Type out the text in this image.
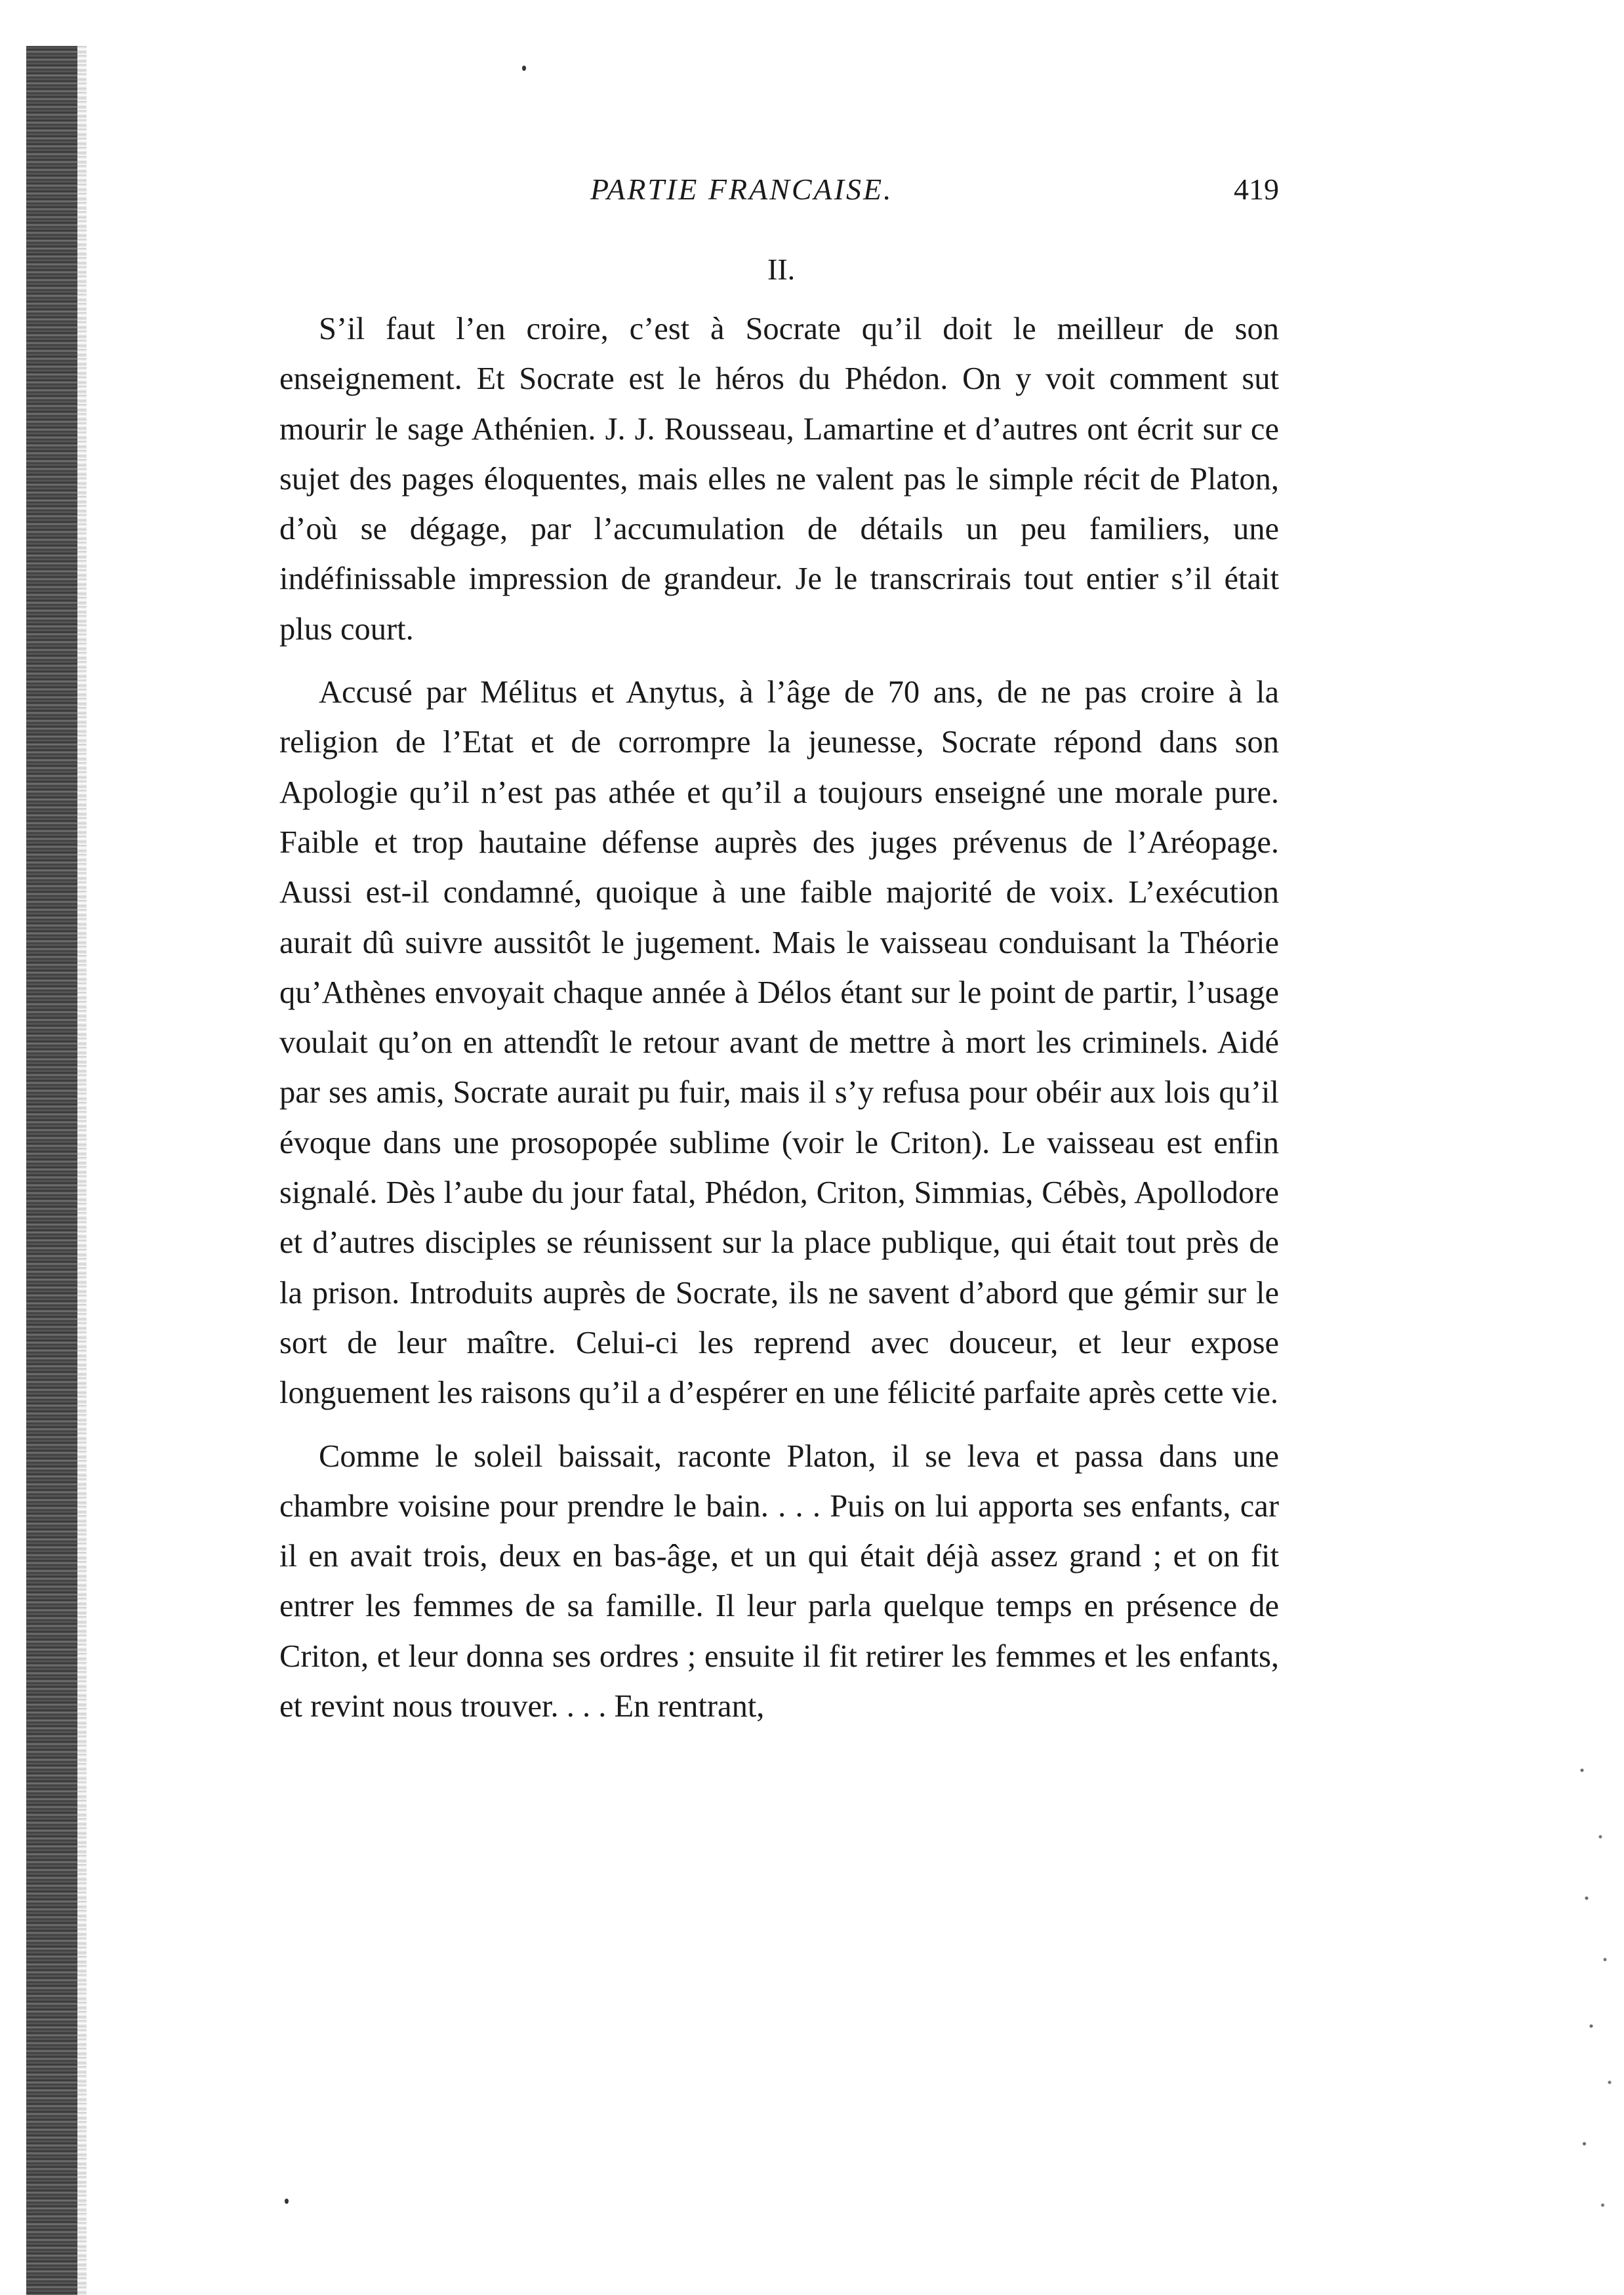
PARTIE FRANCAISE.	419
II.

S’il faut l’en croire, c’est à Socrate qu’il doit le meilleur de son enseignement. Et Socrate est le héros du Phédon. On y voit comment sut mourir le sage Athénien. J. J. Rousseau, Lamartine et d’autres ont écrit sur ce sujet des pages éloquentes, mais elles ne valent pas le simple récit de Platon, d’où se dégage, par l’accumulation de détails un peu familiers, une indéfinissable impression de grandeur. Je le transcrirais tout entier s’il était plus court.

Accusé par Mélitus et Anytus, à l’âge de 70 ans, de ne pas croire à la religion de l’Etat et de corrompre la jeunesse, Socrate répond dans son Apologie qu’il n’est pas athée et qu’il a toujours enseigné une morale pure. Faible et trop hautaine défense auprès des juges prévenus de l’Aréopage. Aussi est-il condamné, quoique à une faible majorité de voix. L’exécution aurait dû suivre aussitôt le jugement. Mais le vaisseau conduisant la Théorie qu’Athènes envoyait chaque année à Délos étant sur le point de partir, l’usage voulait qu’on en attendît le retour avant de mettre à mort les criminels. Aidé par ses amis, Socrate aurait pu fuir, mais il s’y refusa pour obéir aux lois qu’il évoque dans une prosopopée sublime (voir le Criton). Le vaisseau est enfin signalé. Dès l’aube du jour fatal, Phédon, Criton, Simmias, Cébès, Apollodore et d’autres disciples se réunissent sur la place publique, qui était tout près de la prison. Introduits auprès de Socrate, ils ne savent d’abord que gémir sur le sort de leur maître. Celui-ci les reprend avec douceur, et leur expose longuement les raisons qu’il a d’espérer en une félicité parfaite après cette vie.

Comme le soleil baissait, raconte Platon, il se leva et passa dans une chambre voisine pour prendre le bain. . . . Puis on lui apporta ses enfants, car il en avait trois, deux en bas-âge, et un qui était déjà assez grand ; et on fit entrer les femmes de sa famille. Il leur parla quelque temps en présence de Criton, et leur donna ses ordres ; ensuite il fit retirer les femmes et les enfants, et revint nous trouver. . . . En rentrant,
